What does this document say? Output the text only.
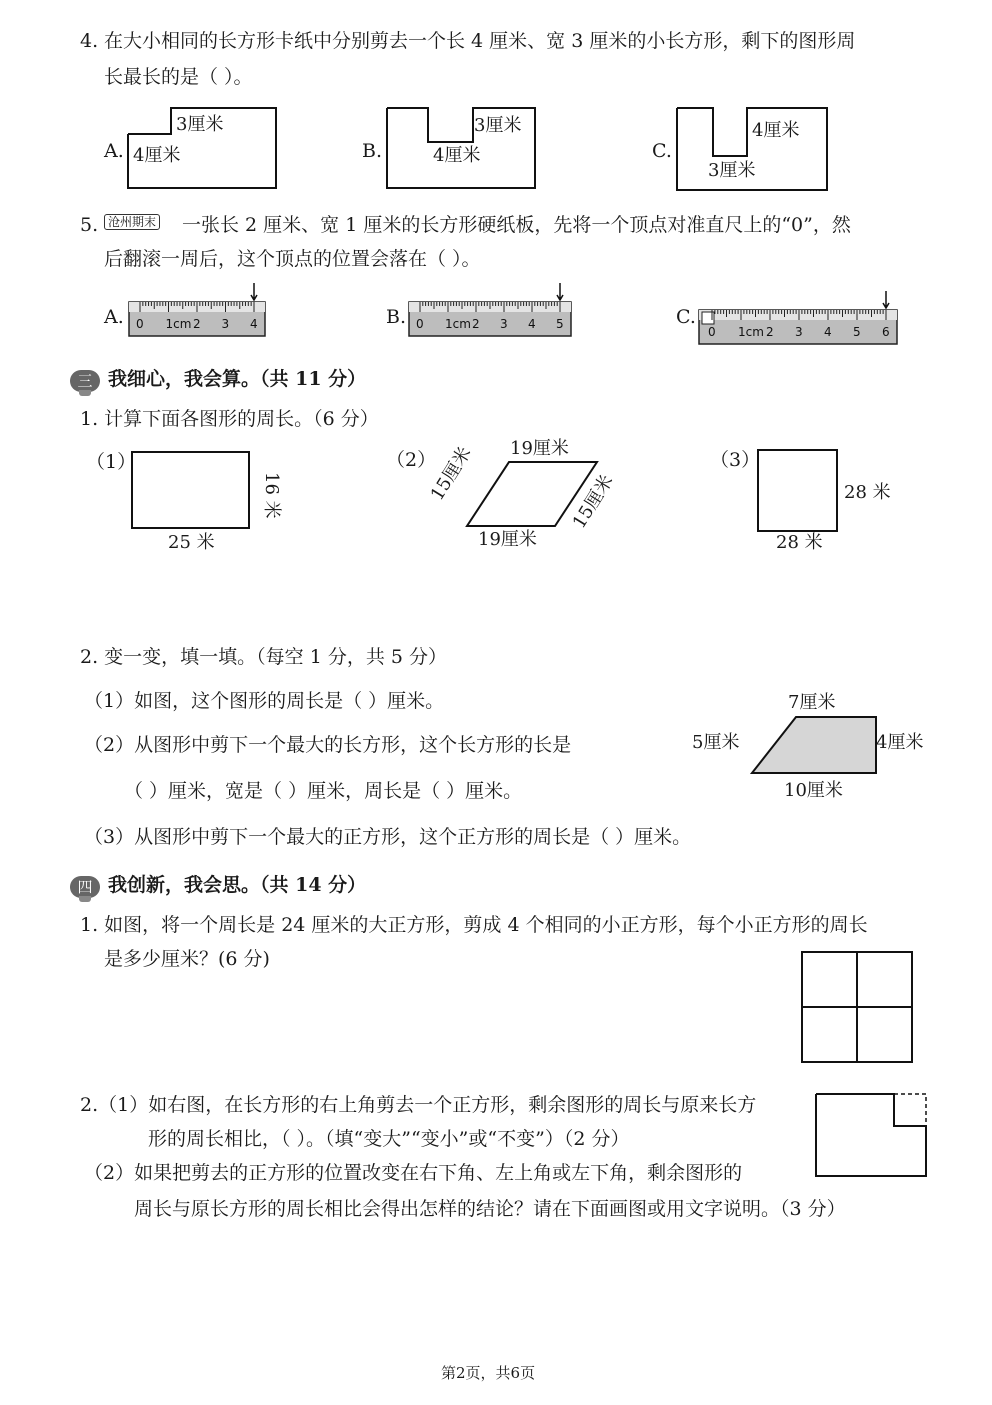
4. 在大小相同的长方形卡纸中分别剪去一个长 4 厘米、宽 3 厘米的小长方形，剩下的图形周
长最长的是（ ）。
A.
3厘米
4厘米	B.
3厘米
4厘米	C.
4厘米
3厘米
5. 沧州期末 一张长 2 厘米、宽 1 厘米的长方形硬纸板，先将一个顶点对准直尺上的“0”，然
后翻滚一周后，这个顶点的位置会落在（ ）。
A. 0 1cm 2 3 4	B. 0 1cm 2 3 4 5	C.
0 1cm 2 3 4 5 6
三 我细心，我会算。（共 11 分）
1. 计算下面各图形的周长。（6 分）
（1）
16 米
25 米
（2）
19厘米
19厘米
15厘米	15厘米
（3）
28 米
28 米
2. 变一变，填一填。（每空 1 分，共 5 分）
（1）如图，这个图形的周长是（ ）厘米。
（2）从图形中剪下一个最大的长方形，这个长方形的长是
（ ）厘米，宽是（ ）厘米，周长是（ ）厘米。
（3）从图形中剪下一个最大的正方形，这个正方形的周长是（ ）厘米。
7厘米
5厘米	4厘米
10厘米
四 我创新，我会思。（共 14 分）
1. 如图，将一个周长是 24 厘米的大正方形，剪成 4 个相同的小正方形，每个小正方形的周长
是多少厘米？(6 分)
2.（1）如右图，在长方形的右上角剪去一个正方形，剩余图形的周长与原来长方
形的周长相比，（ ）。（填“变大”“变小”或“不变”）（2 分）
（2）如果把剪去的正方形的位置改变在右下角、左上角或左下角，剩余图形的
周长与原长方形的周长相比会得出怎样的结论？请在下面画图或用文字说明。（3 分）
第2页，共6页
